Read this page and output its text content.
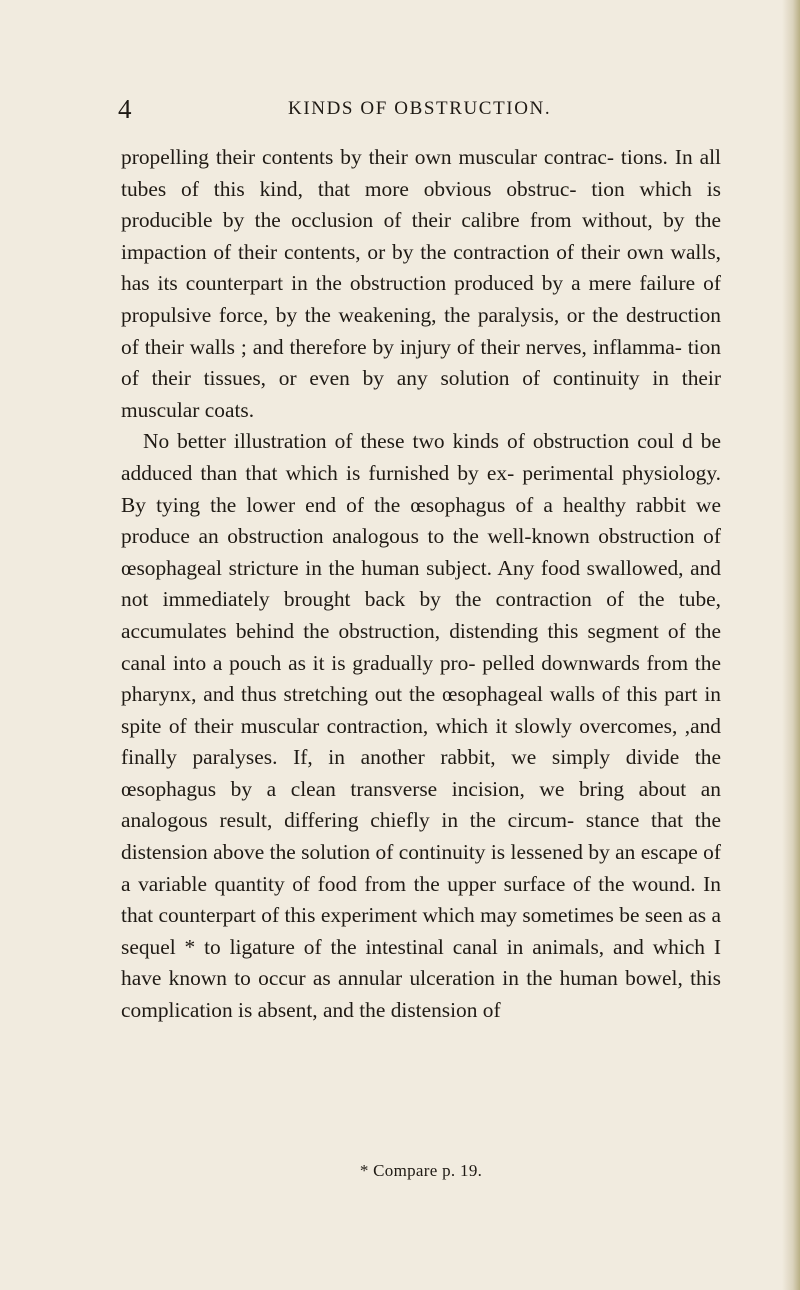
4	KINDS OF OBSTRUCTION.

propelling their contents by their own muscular contrac- tions. In all tubes of this kind, that more obvious obstruc- tion which is producible by the occlusion of their calibre from without, by the impaction of their contents, or by the contraction of their own walls, has its counterpart in the obstruction produced by a mere failure of propulsive force, by the weakening, the paralysis, or the destruction of their walls ; and therefore by injury of their nerves, inflamma- tion of their tissues, or even by any solution of continuity in their muscular coats.

No better illustration of these two kinds of obstruction coul d be adduced than that which is furnished by ex- perimental physiology. By tying the lower end of the œsophagus of a healthy rabbit we produce an obstruction analogous to the well-known obstruction of œsophageal stricture in the human subject. Any food swallowed, and not immediately brought back by the contraction of the tube, accumulates behind the obstruction, distending this segment of the canal into a pouch as it is gradually pro- pelled downwards from the pharynx, and thus stretching out the œsophageal walls of this part in spite of their muscular contraction, which it slowly overcomes, ,and finally paralyses. If, in another rabbit, we simply divide the œsophagus by a clean transverse incision, we bring about an analogous result, differing chiefly in the circum- stance that the distension above the solution of continuity is lessened by an escape of a variable quantity of food from the upper surface of the wound. In that counterpart of this experiment which may sometimes be seen as a sequel * to ligature of the intestinal canal in animals, and which I have known to occur as annular ulceration in the human bowel, this complication is absent, and the distension of

* Compare p. 19.
